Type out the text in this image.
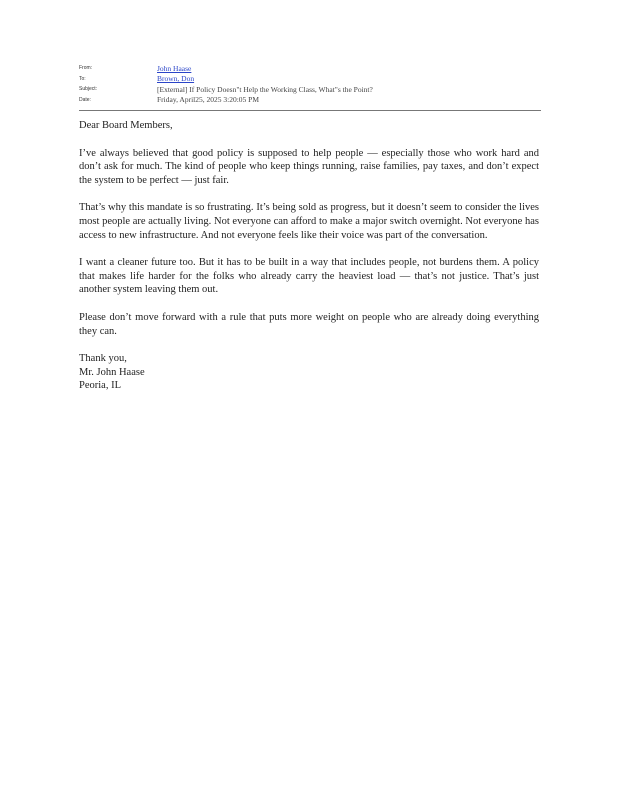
From:	John Haase
To:	Brown, Don
Subject:	[External] If Policy Doesn"t Help the Working Class, What"s the Point?
Date:	Friday, April25, 2025 3:20:05 PM

Dear Board Members,

I’ve always believed that good policy is supposed to help people — especially those who work hard and don’t ask for much. The kind of people who keep things running, raise families, pay taxes, and don’t expect the system to be perfect — just fair.

That’s why this mandate is so frustrating. It’s being sold as progress, but it doesn’t seem to consider the lives most people are actually living. Not everyone can afford to make a major switch overnight. Not everyone has access to new infrastructure. And not everyone feels like their voice was part of the conversation.

I want a cleaner future too. But it has to be built in a way that includes people, not burdens them. A policy that makes life harder for the folks who already carry the heaviest load — that’s not justice. That’s just another system leaving them out.

Please don’t move forward with a rule that puts more weight on people who are already doing everything they can.

Thank you,
Mr. John Haase
Peoria, IL
